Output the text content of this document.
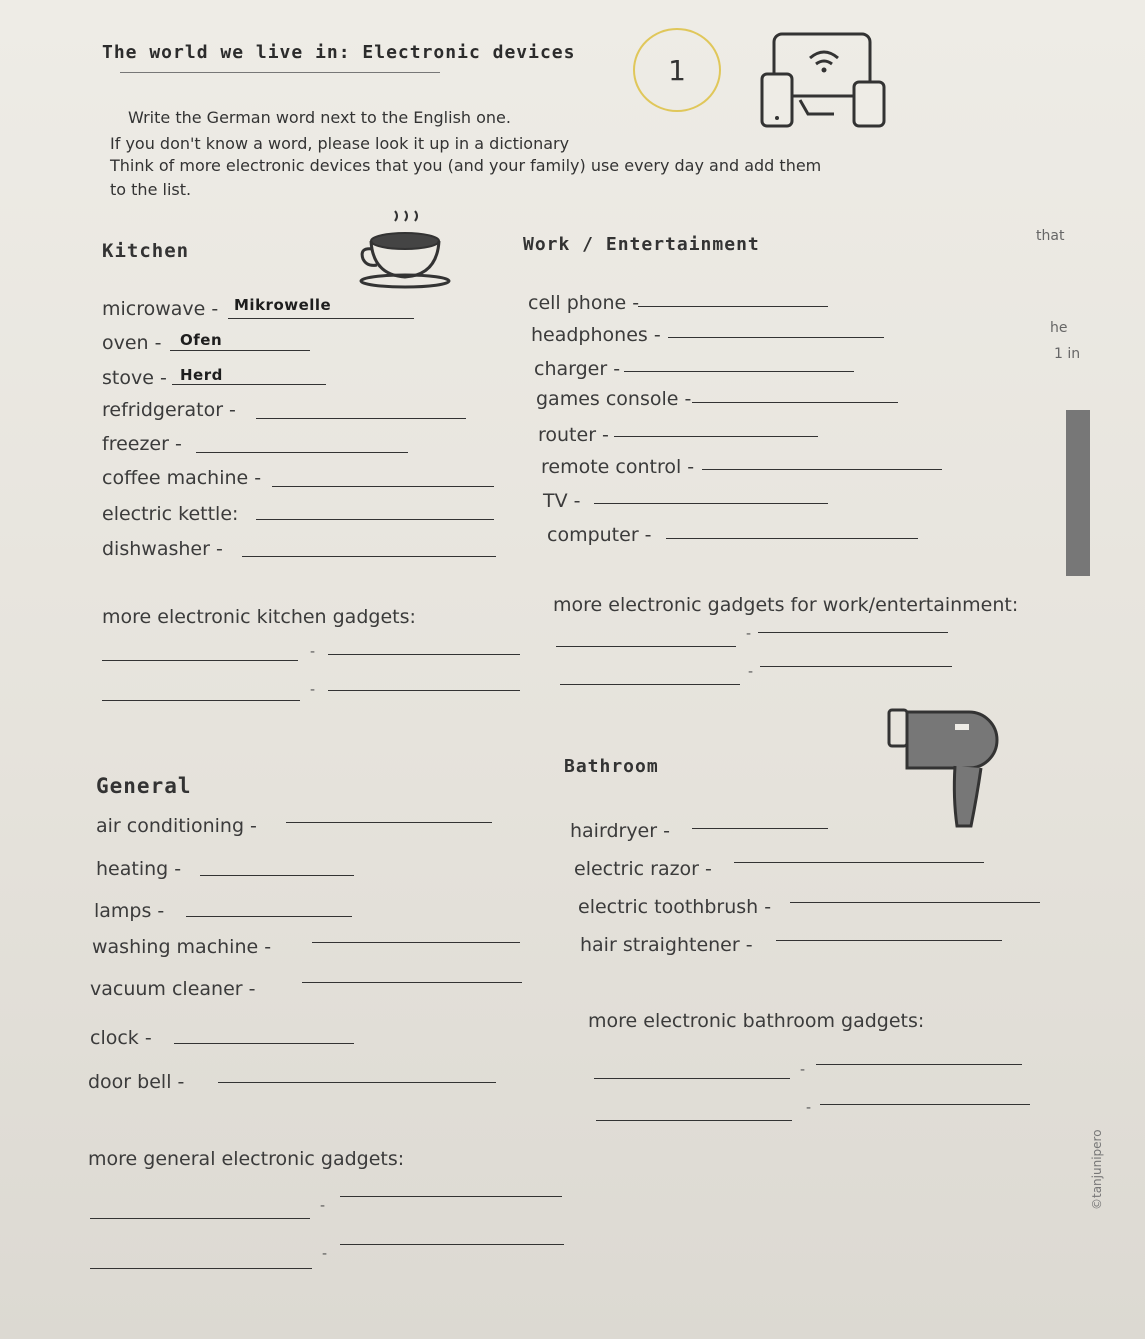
The world we live in: Electronic devices
1
Write the German word next to the English one.
If you don't know a word, please look it up in a dictionary
Think of more electronic devices that you (and your family) use every day and add them
to the list.
Kitchen	Work / Entertainment
microwave - Mikrowelle
oven - Ofen
stove - Herd
refridgerator -
freezer -
coffee machine -
electric kettle:
dishwasher -
cell phone -
headphones -
charger -
games console -
router -
remote control -
TV -
computer -
more electronic kitchen gadgets:
-
-
more electronic gadgets for work/entertainment:
-
-
General
Bathroom
air conditioning -
heating -
lamps -
washing machine -
vacuum cleaner -
clock -
door bell -
hairdryer -
electric razor -
electric toothbrush -
hair straightener -
more electronic bathroom gadgets:
-
-
more general electronic gadgets:
-
-
that
he
1 in
©tanjunipero
